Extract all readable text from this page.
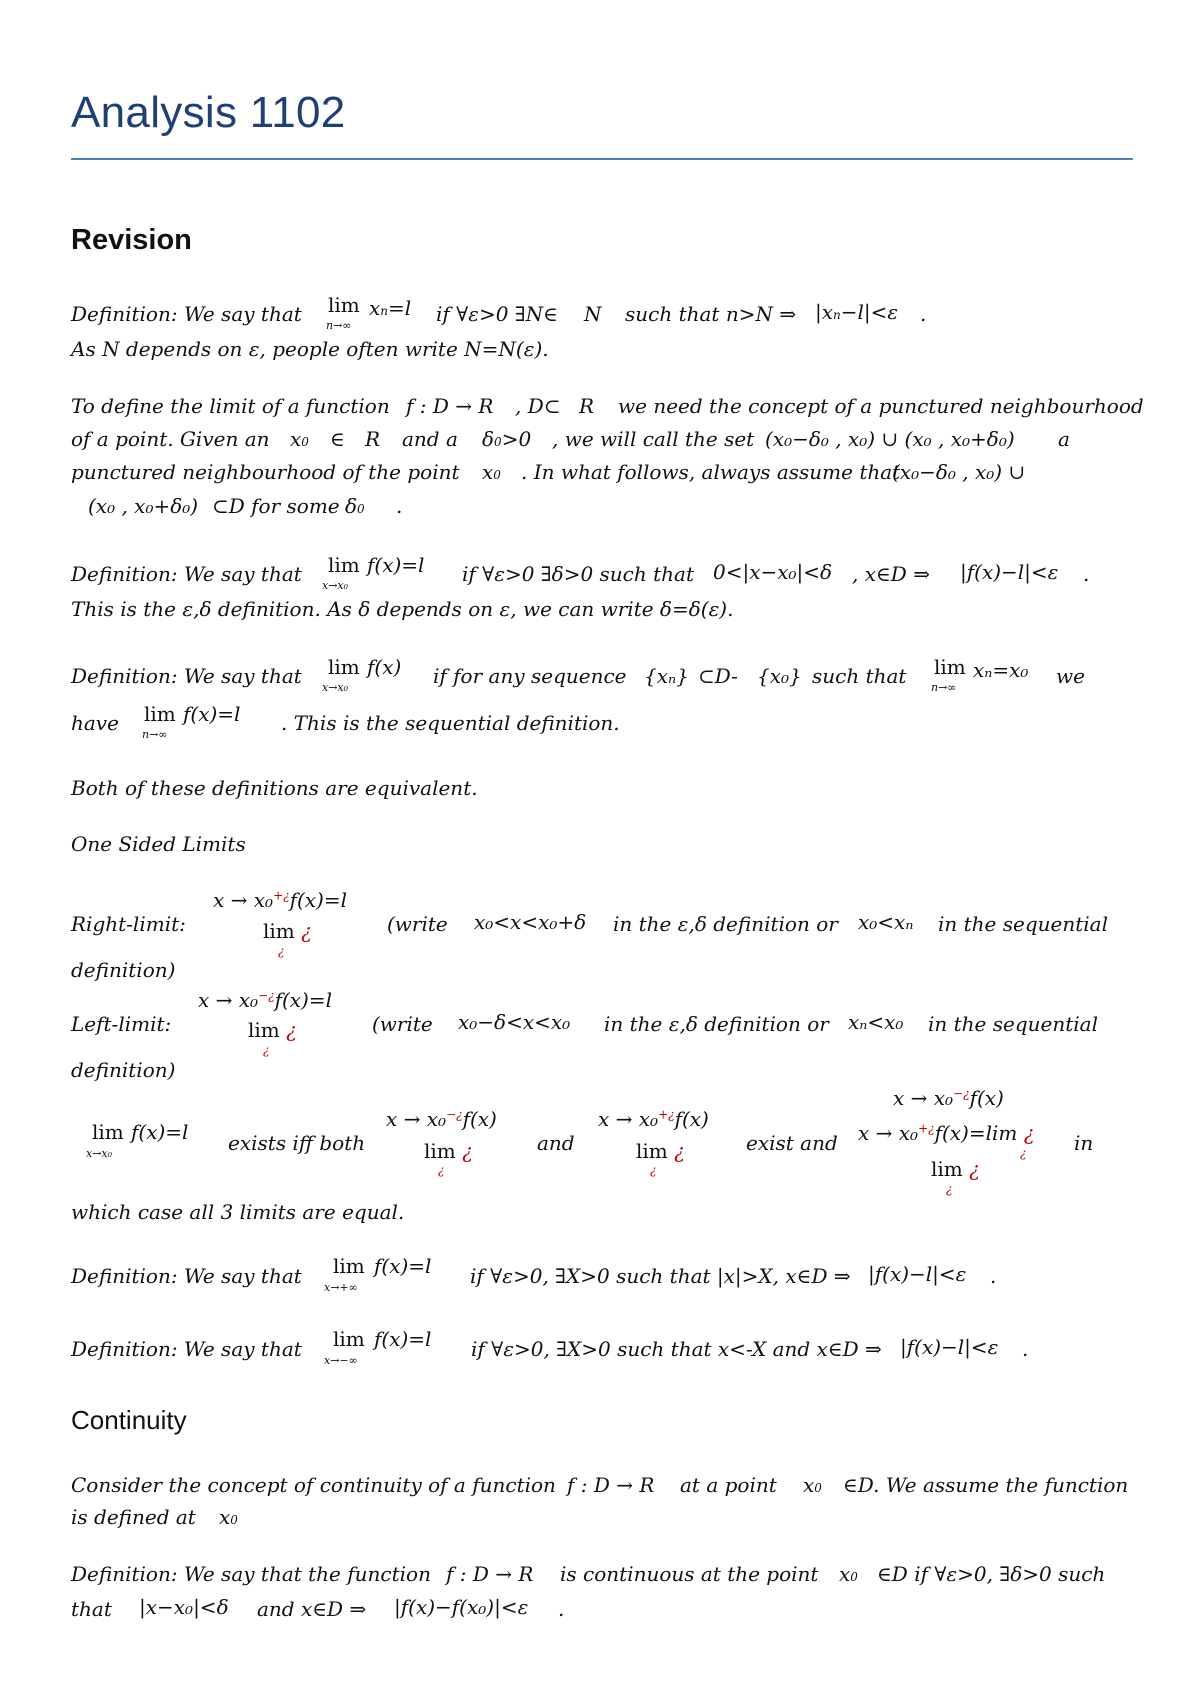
Analysis 1102
Revision
Definition: We say that lim
n→∞
xn=l if ∀ε>0 ∃N∈ N such that n>N ⇒ |xn−l|<ε .
As N depends on ε, people often write N=N(ε).
To define the limit of a function f : D → R , D⊂ R we need the concept of a punctured neighbourhood
of a point. Given an x0 ∈ R and a δ0>0 , we will call the set (x₀−δ₀ , x₀) ∪ (x₀ , x₀+δ₀) a
punctured neighbourhood of the point x0 . In what follows, always assume that
(x₀−δ₀ , x₀) ∪
(x₀ , x₀+δ₀) ⊂D for some δ0 .
Definition: We say that lim
x→x₀
f(x)=l if ∀ε>0 ∃δ>0 such that 0<|x−x₀|<δ , x∈D ⇒ |f(x)−l|<ε .
This is the ε,δ definition. As δ depends on ε, we can write δ=δ(ε).
Definition: We say that lim
x→x₀
f(x) if for any sequence {xₙ} ⊂D- {x₀} such that lim
n→∞
xₙ=x₀ we
have lim
n→∞
f(x)=l . This is the sequential definition.
Both of these definitions are equivalent.
One Sided Limits
x → x₀+¿f(x)=l
Right-limit:	lim ¿
¿
(write x₀<x<x₀+δ in the ε,δ definition or x₀<xₙ in the sequential
definition)
x → x₀−¿f(x)=l
Left-limit:	lim ¿
¿
(write x₀−δ<x<x₀ in the ε,δ definition or xₙ<x₀ in the sequential
definition)
lim
x→x₀
f(x)=l exists iff both
x → x₀−¿f(x)
lim ¿
¿
and
x → x₀+¿f(x)
lim ¿
¿
exist and
x → x₀−¿f(x)
x → x₀+¿f(x)=lim ¿
¿
lim ¿
¿
in
which case all 3 limits are equal.
Definition: We say that lim
x→+∞
f(x)=l if ∀ε>0, ∃X>0 such that |x|>X, x∈D ⇒ |f(x)−l|<ε .
Definition: We say that lim
x→−∞
f(x)=l if ∀ε>0, ∃X>0 such that x<-X and x∈D ⇒ |f(x)−l|<ε .
Continuity
Consider the concept of continuity of a function f : D → R at a point x0 ∈D. We assume the function
is defined at x0
Definition: We say that the function f : D → R is continuous at the point x0 ∈D if ∀ε>0, ∃δ>0 such
that |x−x₀|<δ and x∈D ⇒ |f(x)−f(x₀)|<ε .
